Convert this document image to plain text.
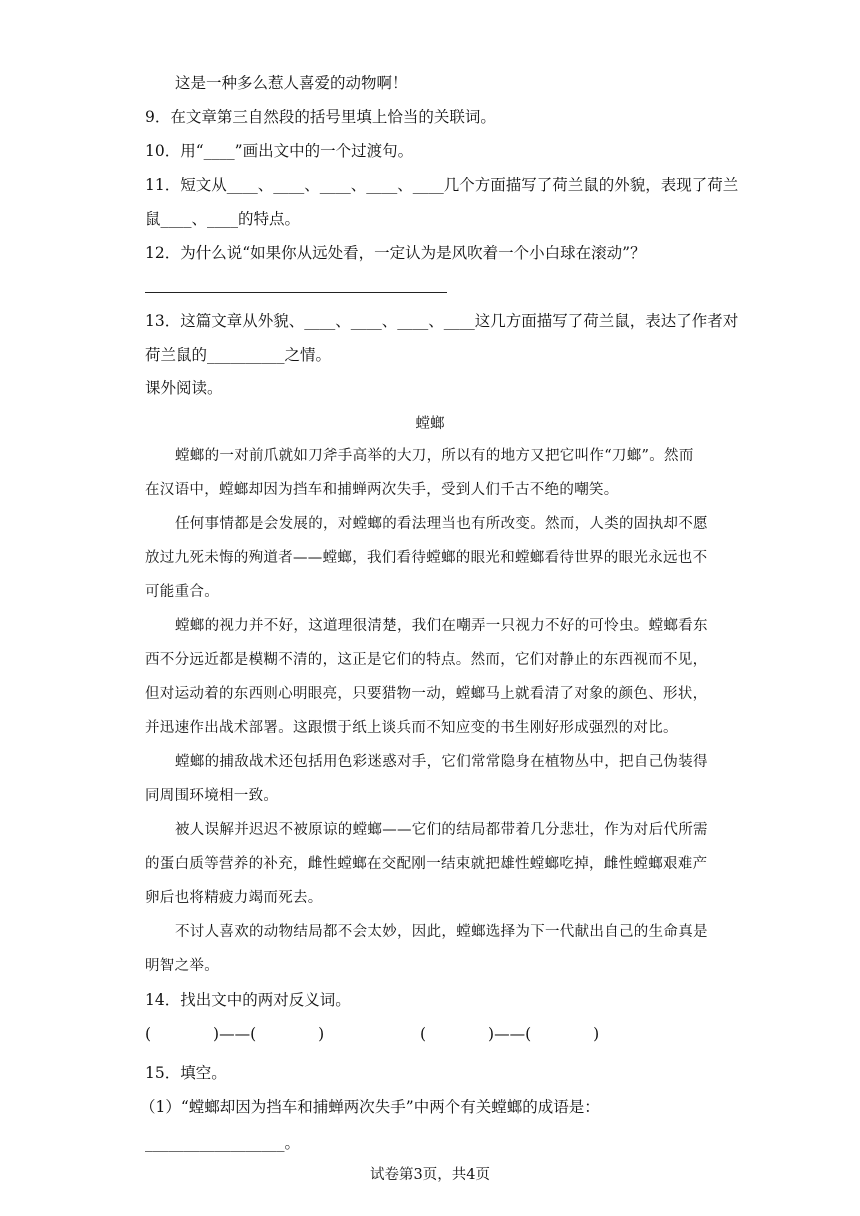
这是一种多么惹人喜爱的动物啊！
9．在文章第三自然段的括号里填上恰当的关联词。
10．用“____”画出文中的一个过渡句。
11．短文从____、____、____、____、____几个方面描写了荷兰鼠的外貌，表现了荷兰
鼠____、____的特点。
12．为什么说“如果你从远处看，一定认为是风吹着一个小白球在滚动”？
13．这篇文章从外貌、____、____、____、____这几方面描写了荷兰鼠，表达了作者对
荷兰鼠的__________之情。
课外阅读。
螳螂
螳螂的一对前爪就如刀斧手高举的大刀，所以有的地方又把它叫作“刀螂”。然而
在汉语中，螳螂却因为挡车和捕蝉两次失手，受到人们千古不绝的嘲笑。
任何事情都是会发展的，对螳螂的看法理当也有所改变。然而，人类的固执却不愿
放过九死未悔的殉道者——螳螂，我们看待螳螂的眼光和螳螂看待世界的眼光永远也不
可能重合。
螳螂的视力并不好，这道理很清楚，我们在嘲弄一只视力不好的可怜虫。螳螂看东
西不分远近都是模糊不清的，这正是它们的特点。然而，它们对静止的东西视而不见，
但对运动着的东西则心明眼亮，只要猎物一动，螳螂马上就看清了对象的颜色、形状，
并迅速作出战术部署。这跟惯于纸上谈兵而不知应变的书生刚好形成强烈的对比。
螳螂的捕敌战术还包括用色彩迷惑对手，它们常常隐身在植物丛中，把自己伪装得
同周围环境相一致。
被人误解并迟迟不被原谅的螳螂——它们的结局都带着几分悲壮，作为对后代所需
的蛋白质等营养的补充，雌性螳螂在交配刚一结束就把雄性螳螂吃掉，雌性螳螂艰难产
卵后也将精疲力竭而死去。
不讨人喜欢的动物结局都不会太妙，因此，螳螂选择为下一代献出自己的生命真是
明智之举。
14．找出文中的两对反义词。
(　　　　)——(　　　　)	(　　　　)——(　　　　)
15．填空。
（1）“螳螂却因为挡车和捕蝉两次失手”中两个有关螳螂的成语是：
__________________。
试卷第3页，共4页
